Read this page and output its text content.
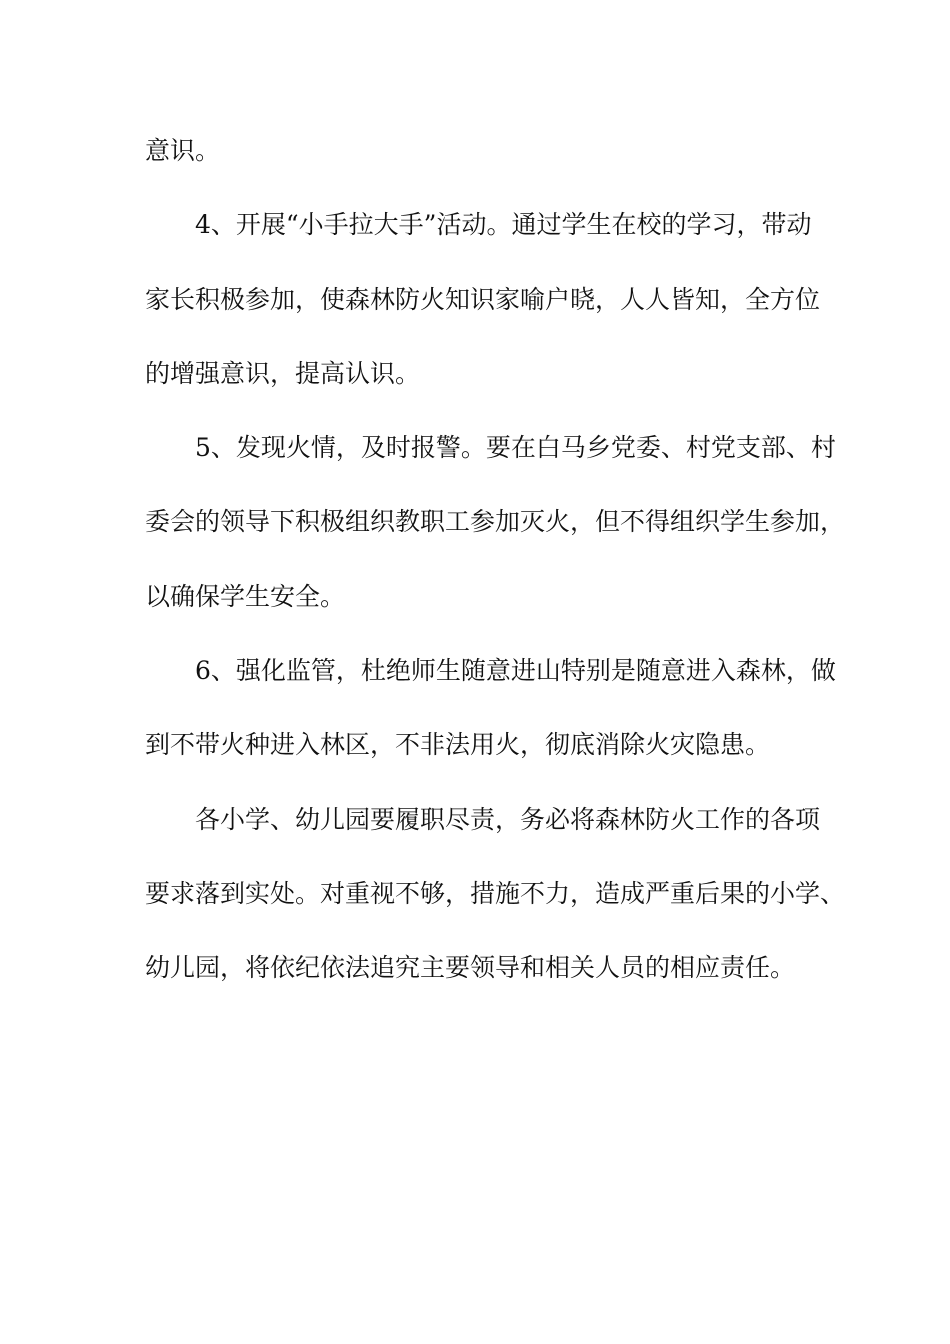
意识。
4、开展“小手拉大手”活动。通过学生在校的学习，带动
家长积极参加，使森林防火知识家喻户晓，人人皆知，全方位
的增强意识，提高认识。
5、发现火情，及时报警。要在白马乡党委、村党支部、村
委会的领导下积极组织教职工参加灭火，但不得组织学生参加，
以确保学生安全。
6、强化监管，杜绝师生随意进山特别是随意进入森林，做
到不带火种进入林区，不非法用火，彻底消除火灾隐患。
各小学、幼儿园要履职尽责，务必将森林防火工作的各项
要求落到实处。对重视不够，措施不力，造成严重后果的小学、
幼儿园，将依纪依法追究主要领导和相关人员的相应责任。
